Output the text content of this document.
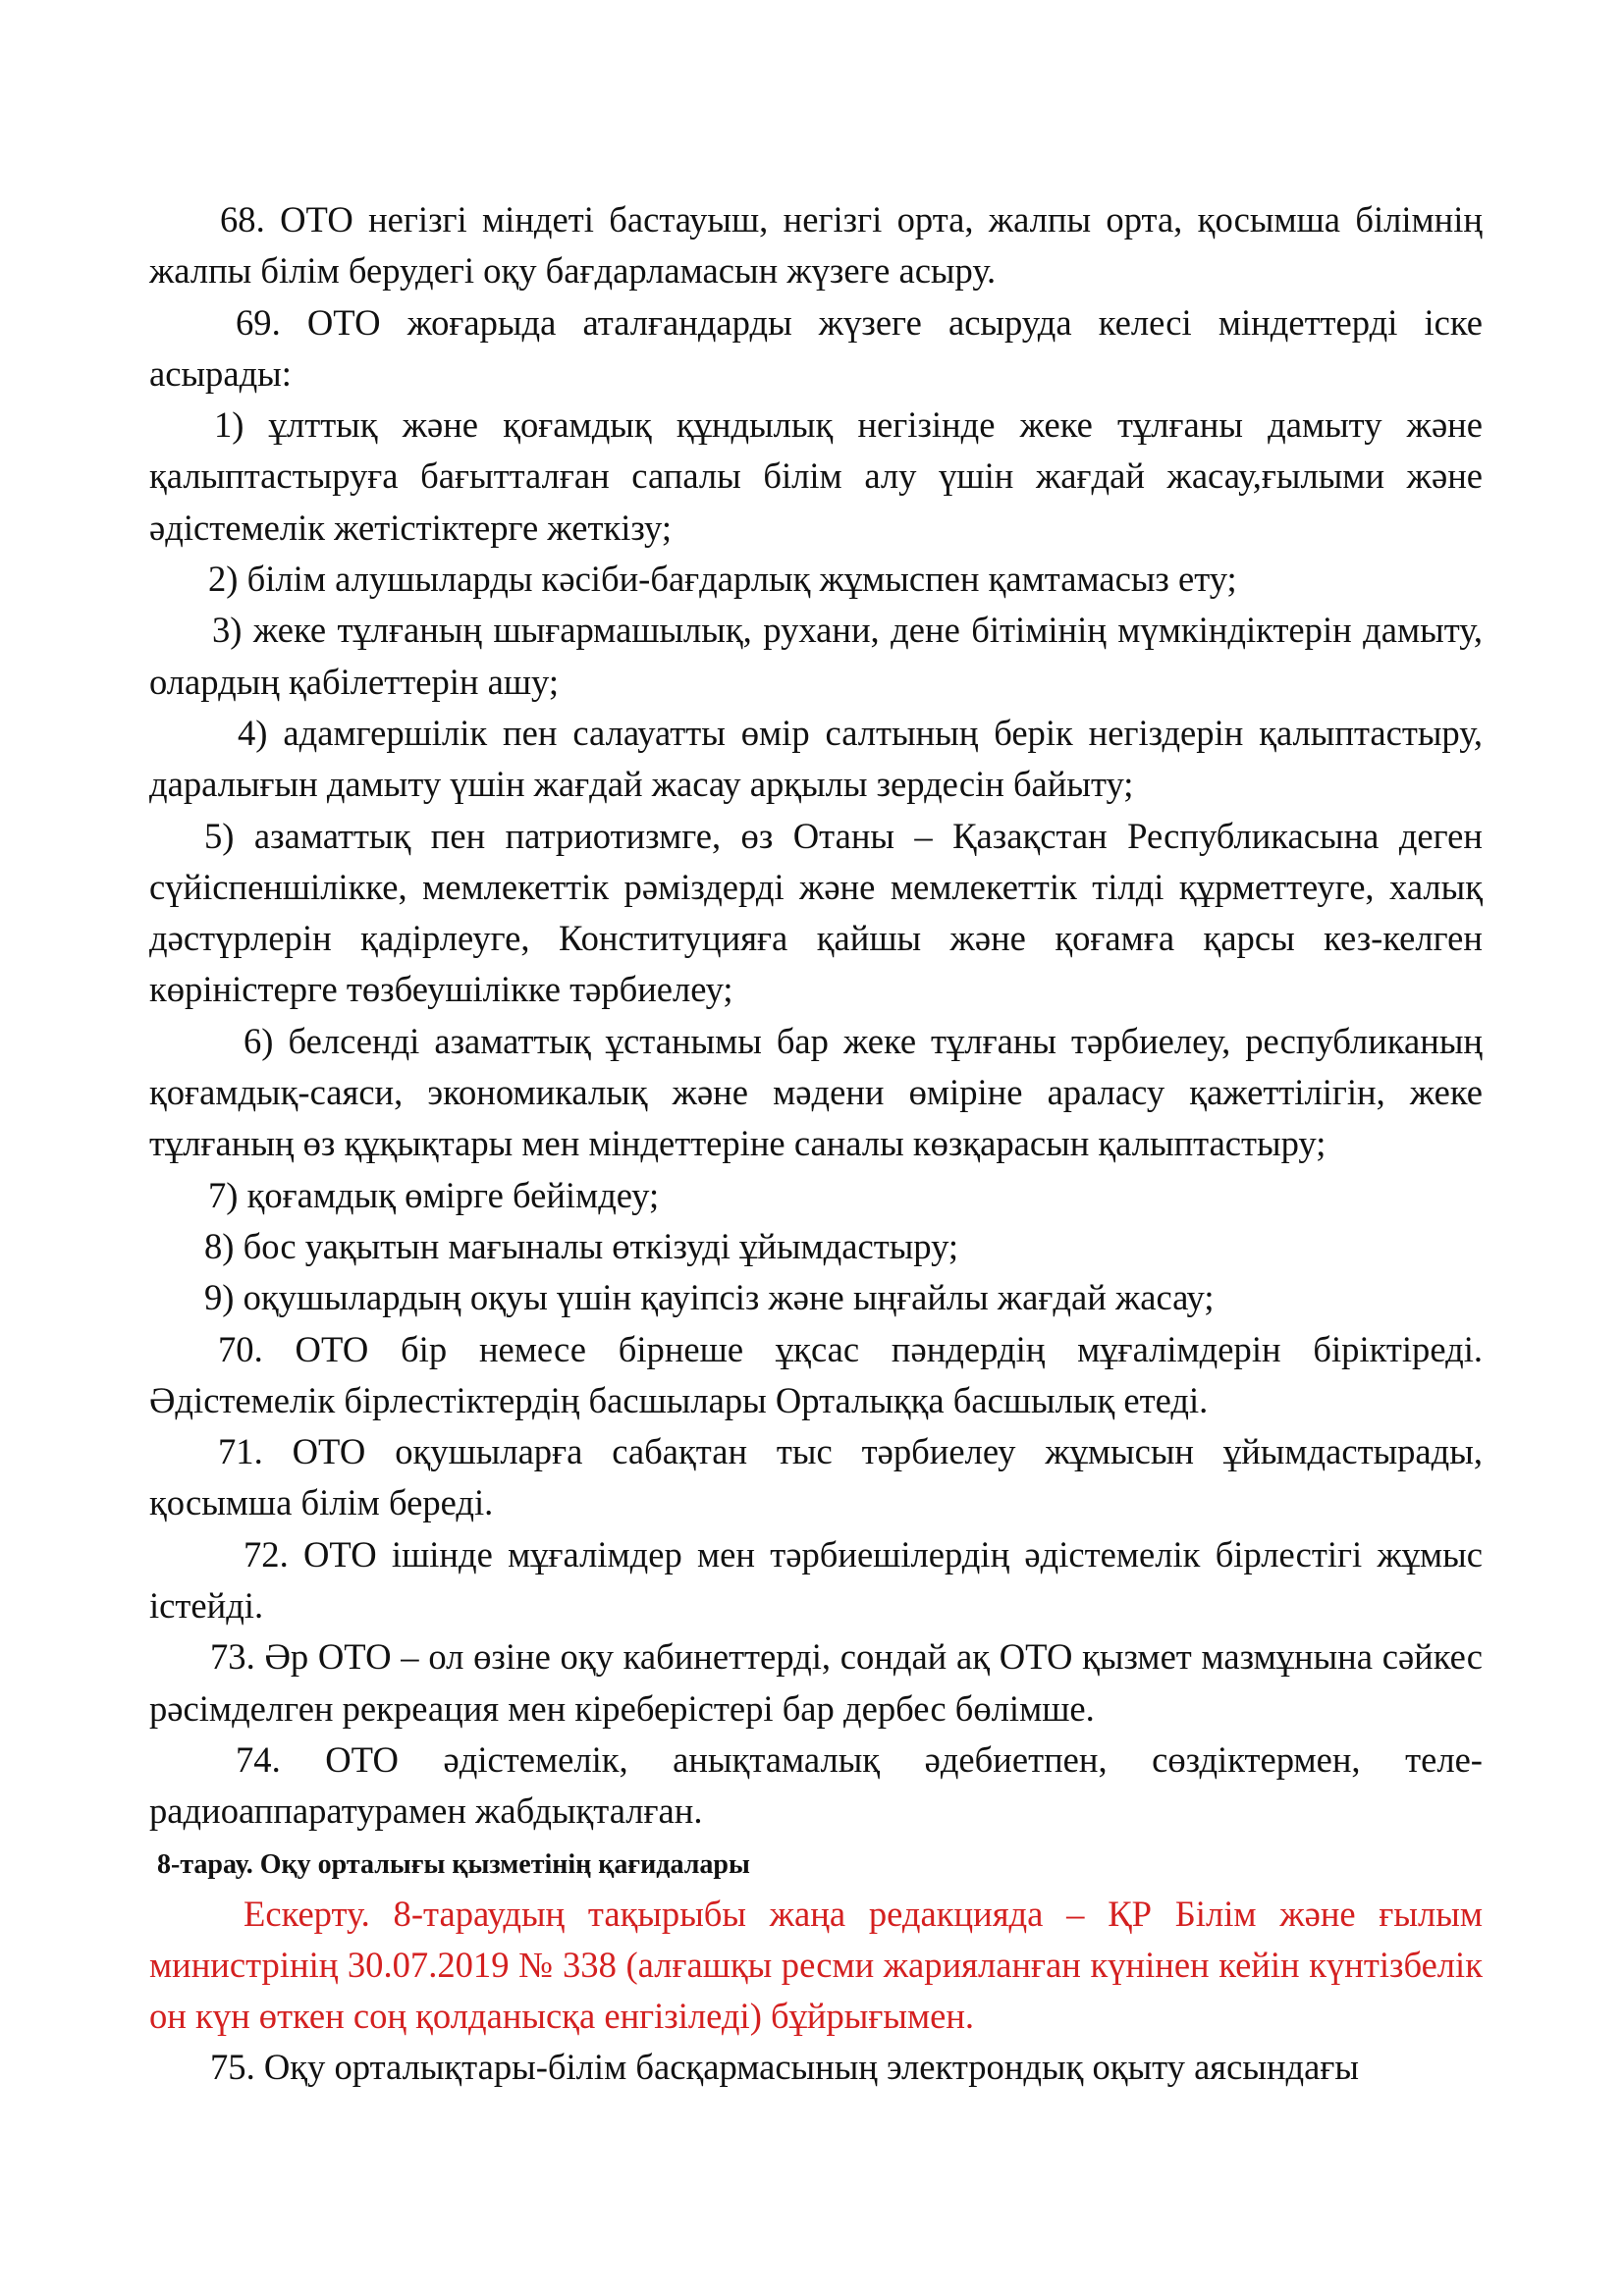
68. ОТО негізгі міндеті бастауыш, негізгі орта, жалпы орта, қосымша білімнің жалпы білім берудегі оқу бағдарламасын жүзеге асыру.

69. ОТО жоғарыда аталғандарды жүзеге асыруда келесі міндеттерді іске асырады:

1) ұлттық және қоғамдық құндылық негізінде жеке тұлғаны дамыту және қалыптастыруға бағытталған сапалы білім алу үшін жағдай жасау,ғылыми және әдістемелік жетістіктерге жеткізу;

2) білім алушыларды кәсіби-бағдарлық жұмыспен қамтамасыз ету;

3) жеке тұлғаның шығармашылық, рухани, дене бітімінің мүмкіндіктерін дамыту, олардың қабілеттерін ашу;

4) адамгершілік пен салауатты өмір салтының берік негіздерін қалыптастыру, даралығын дамыту үшін жағдай жасау арқылы зердесін байыту;

5) азаматтық пен патриотизмге, өз Отаны – Қазақстан Республикасына деген сүйіспеншілікке, мемлекеттік рәміздерді және мемлекеттік тілді құрметтеуге, халық дәстүрлерін қадірлеуге, Конституцияға қайшы және қоғамға қарсы кез-келген көріністерге төзбеушілікке тәрбиелеу;

6) белсенді азаматтық ұстанымы бар жеке тұлғаны тәрбиелеу, республиканың қоғамдық-саяси, экономикалық және мәдени өміріне араласу қажеттілігін, жеке тұлғаның өз құқықтары мен міндеттеріне саналы көзқарасын қалыптастыру;

7) қоғамдық өмірге бейімдеу;

8) бос уақытын мағыналы өткізуді ұйымдастыру;

9) оқушылардың оқуы үшін қауіпсіз және ыңғайлы жағдай жасау;

70. ОТО бір немесе бірнеше ұқсас пәндердің мұғалімдерін біріктіреді. Әдістемелік бірлестіктердің басшылары Орталыққа басшылық етеді.

71. ОТО оқушыларға сабақтан тыс тәрбиелеу жұмысын ұйымдастырады, қосымша білім береді.

72. ОТО ішінде мұғалімдер мен тәрбиешілердің әдістемелік бірлестігі жұмыс істейді.

73. Әр ОТО – ол өзіне оқу кабинеттерді, сондай ақ ОТО қызмет мазмұнына сәйкес рәсімделген рекреация мен кіреберістері бар дербес бөлімше.

74. ОТО әдістемелік, анықтамалық әдебиетпен, сөздіктермен, теле-радиоаппаратурамен жабдықталған.

8-тарау. Оқу орталығы қызметінің қағидалары

Ескерту. 8-тараудың тақырыбы жаңа редакцияда – ҚР Білім және ғылым министрінің 30.07.2019 № 338 (алғашқы ресми жарияланған күнінен кейін күнтізбелік он күн өткен соң қолданысқа енгізіледі) бұйрығымен.

75. Оқу орталықтары-білім басқармасының электрондық оқыту аясындағы
